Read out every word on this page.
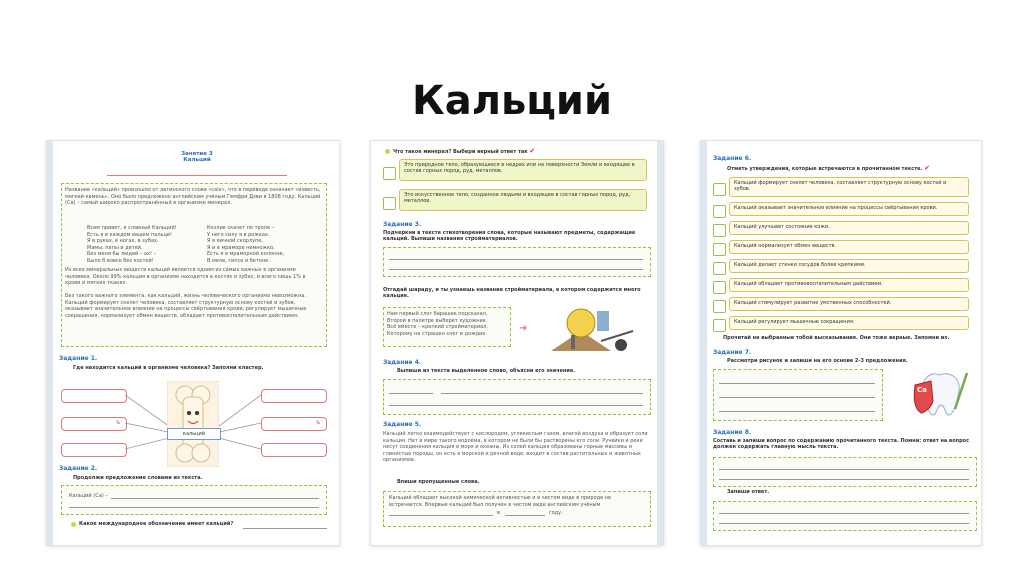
Кальций
Занятие 3
Кальций
Название «кальций» произошло от латинского слова «calx», что в переводе означает «известь, мягкий камень». Оно было предложено английским учёным Гемфри Дэви в 1808 году. Кальций (Ca) – самый широко распространённый в организме минерал.
Всем привет, я славный Кальций!
Есть я в каждом вашем пальце!
Я в руках, в ногах, в зубах.
Мамы, папы и детей.
Без меня бы людей – ах! –
Было б вовсе без костей!
Козлик скачет по тропе –
У него силу я в рожках.
Я в яичной скорлупе,
Я и в мраморе немножко,
Есть я в мраморной колонне,
В меле, гипсе и бетоне.
Из всех минеральных веществ кальций является одним из самых важных в организме человека. Около 99% кальция в организме находится в костях и зубах, и всего лишь 1% в крови и мягких тканях.
Без такого важного элемента, как кальций, жизнь человеческого организма невозможна. Кальций формирует скелет человека, составляет структурную основу костей и зубов, оказывает значительное влияние на процессы свёртывания крови, регулирует мышечные сокращения, нормализует обмен веществ, обладает противоспалительным действием.
Задание 1.
Где находится кальций в организме человека? Заполни кластер.
%	%
кальций
Задание 2.
Продолжи предложение словами из текста.
Кальций (Ca) –
Какое международное обозначение имеет кальций?
Что такое минерал? Выбери верный ответ так ✔
Это природное тело, образующееся в недрах или на поверхности Земли и входящее в состав горных пород, руд, металлов.
Это искусственное тело, созданное людьми и входящее в состав горных пород, руд, металлов.
Задание 3.
Подчеркни в тексте стихотворения слова, которые называют предметы, содержащие кальций. Выпиши названия стройматериалов.
Отгадай шараду, и ты узнаешь название стройматериала, в котором содержится много кальция.
Нам первый слог барашек подсказал,
Второй в палитре выберет художник.
Всё вместе – крепкий стройматериал,
Которому не страшен снег и дождик.	➜
Задание 4.
Выпиши из текста выделенное слово, объясни его значение.
Задание 5.
Кальций легко взаимодействует с кислородом, углекислым газом, влагой воздуха и образует соли кальция. Нет в мире такого водоёма, в котором не были бы растворены его соли. Ручейки и реки несут соединения кальция в моря и океаны. Из солей кальция образованы горные массивы и глинистые породы, он есть в морской и речной воде, входит в состав растительных и животных организмов.
Впиши пропущенные слова.
Кальций обладает высокой химической активностью и в чистом виде в природе не встречается. Впервые кальций был получен в чистом виде английским учёным
в	году.
Задание 6.
Отметь утверждения, которые встречаются в прочитанном тексте. ✔
Кальций формирует скелет человека, составляет структурную основу костей и зубов.
Кальций оказывает значительное влияние на процессы свёртывания крови.
Кальций улучшает состояние кожи.
Кальций нормализует обмен веществ.
Кальций делает стенки сосудов более крепкими.
Кальций обладает противовоспалительным действием.
Кальций стимулирует развитие умственных способностей.
Кальций регулирует мышечные сокращения.
Прочитай не выбранные тобой высказывания. Они тоже верные. Запомни их.
Задание 7.
Рассмотри рисунок и запиши на его основе 2-3 предложения.
Ca
Задание 8.
Составь и запиши вопрос по содержанию прочитанного текста. Помни: ответ на вопрос должен содержать главную мысль текста.
Запиши ответ.
